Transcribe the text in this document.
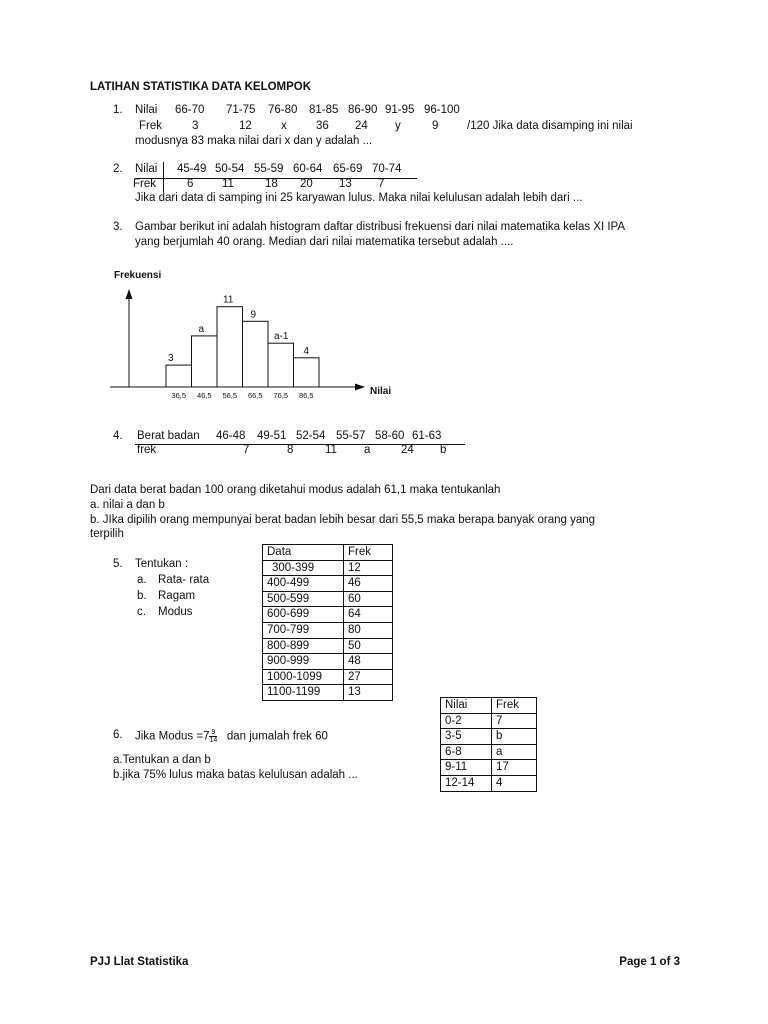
LATIHAN STATISTIKA DATA KELOMPOK
1. Nilai 66-70 71-75 76-80 81-85 86-90 91-95 96-100
Frek	3	12	x	36 24 y	9 /120 Jika data disamping ini nilai
modusnya 83 maka nilai dari x dan y adalah ...
2. Nilai 45-49 50-54 55-59 60-64 65-69 70-74
Frek	6 11	18 20 13 7
Jika dari data di samping ini 25 karyawan lulus. Maka nilai kelulusan adalah lebih dari ...
3. Gambar berikut ini adalah histogram daftar distribusi frekuensi dari nilai matematika kelas XI IPA
yang berjumlah 40 orang. Median dari nilai matematika tersebut adalah ....
Frekuensi
Nilai
3
a
11
9
a-1
4
36,5 46,5 56,5 66,5 76,5 86,5
4. Berat badan 46-48 49-51 52-54 55-57 58-60 61-63
frek	7	8	11 a	24 b
Dari data berat badan 100 orang diketahui modus adalah 61,1 maka tentukanlah
a. nilai a dan b
b. JIka dipilih orang mempunyai berat badan lebih besar dari 55,5 maka berapa banyak orang yang
terpilih
5. Tentukan :
a. Rata- rata
b. Ragam
c. Modus
Data	Frek
300-399	12
400-499	46
500-599	60
600-699	64
700-799	80
800-899	50
900-999	48
1000-1099	27
1100-1199	13
6. Jika Modus $=7 \frac{9}{14}$ dan jumalah frek 60
a.Tentukan a dan b
b.jika 75% lulus maka batas kelulusan adalah ...
Nilai	Frek
0-2	7
3-5	b
6-8	a
9-11	17
12-14	4
PJJ Llat Statistika	Page 1 of 3
